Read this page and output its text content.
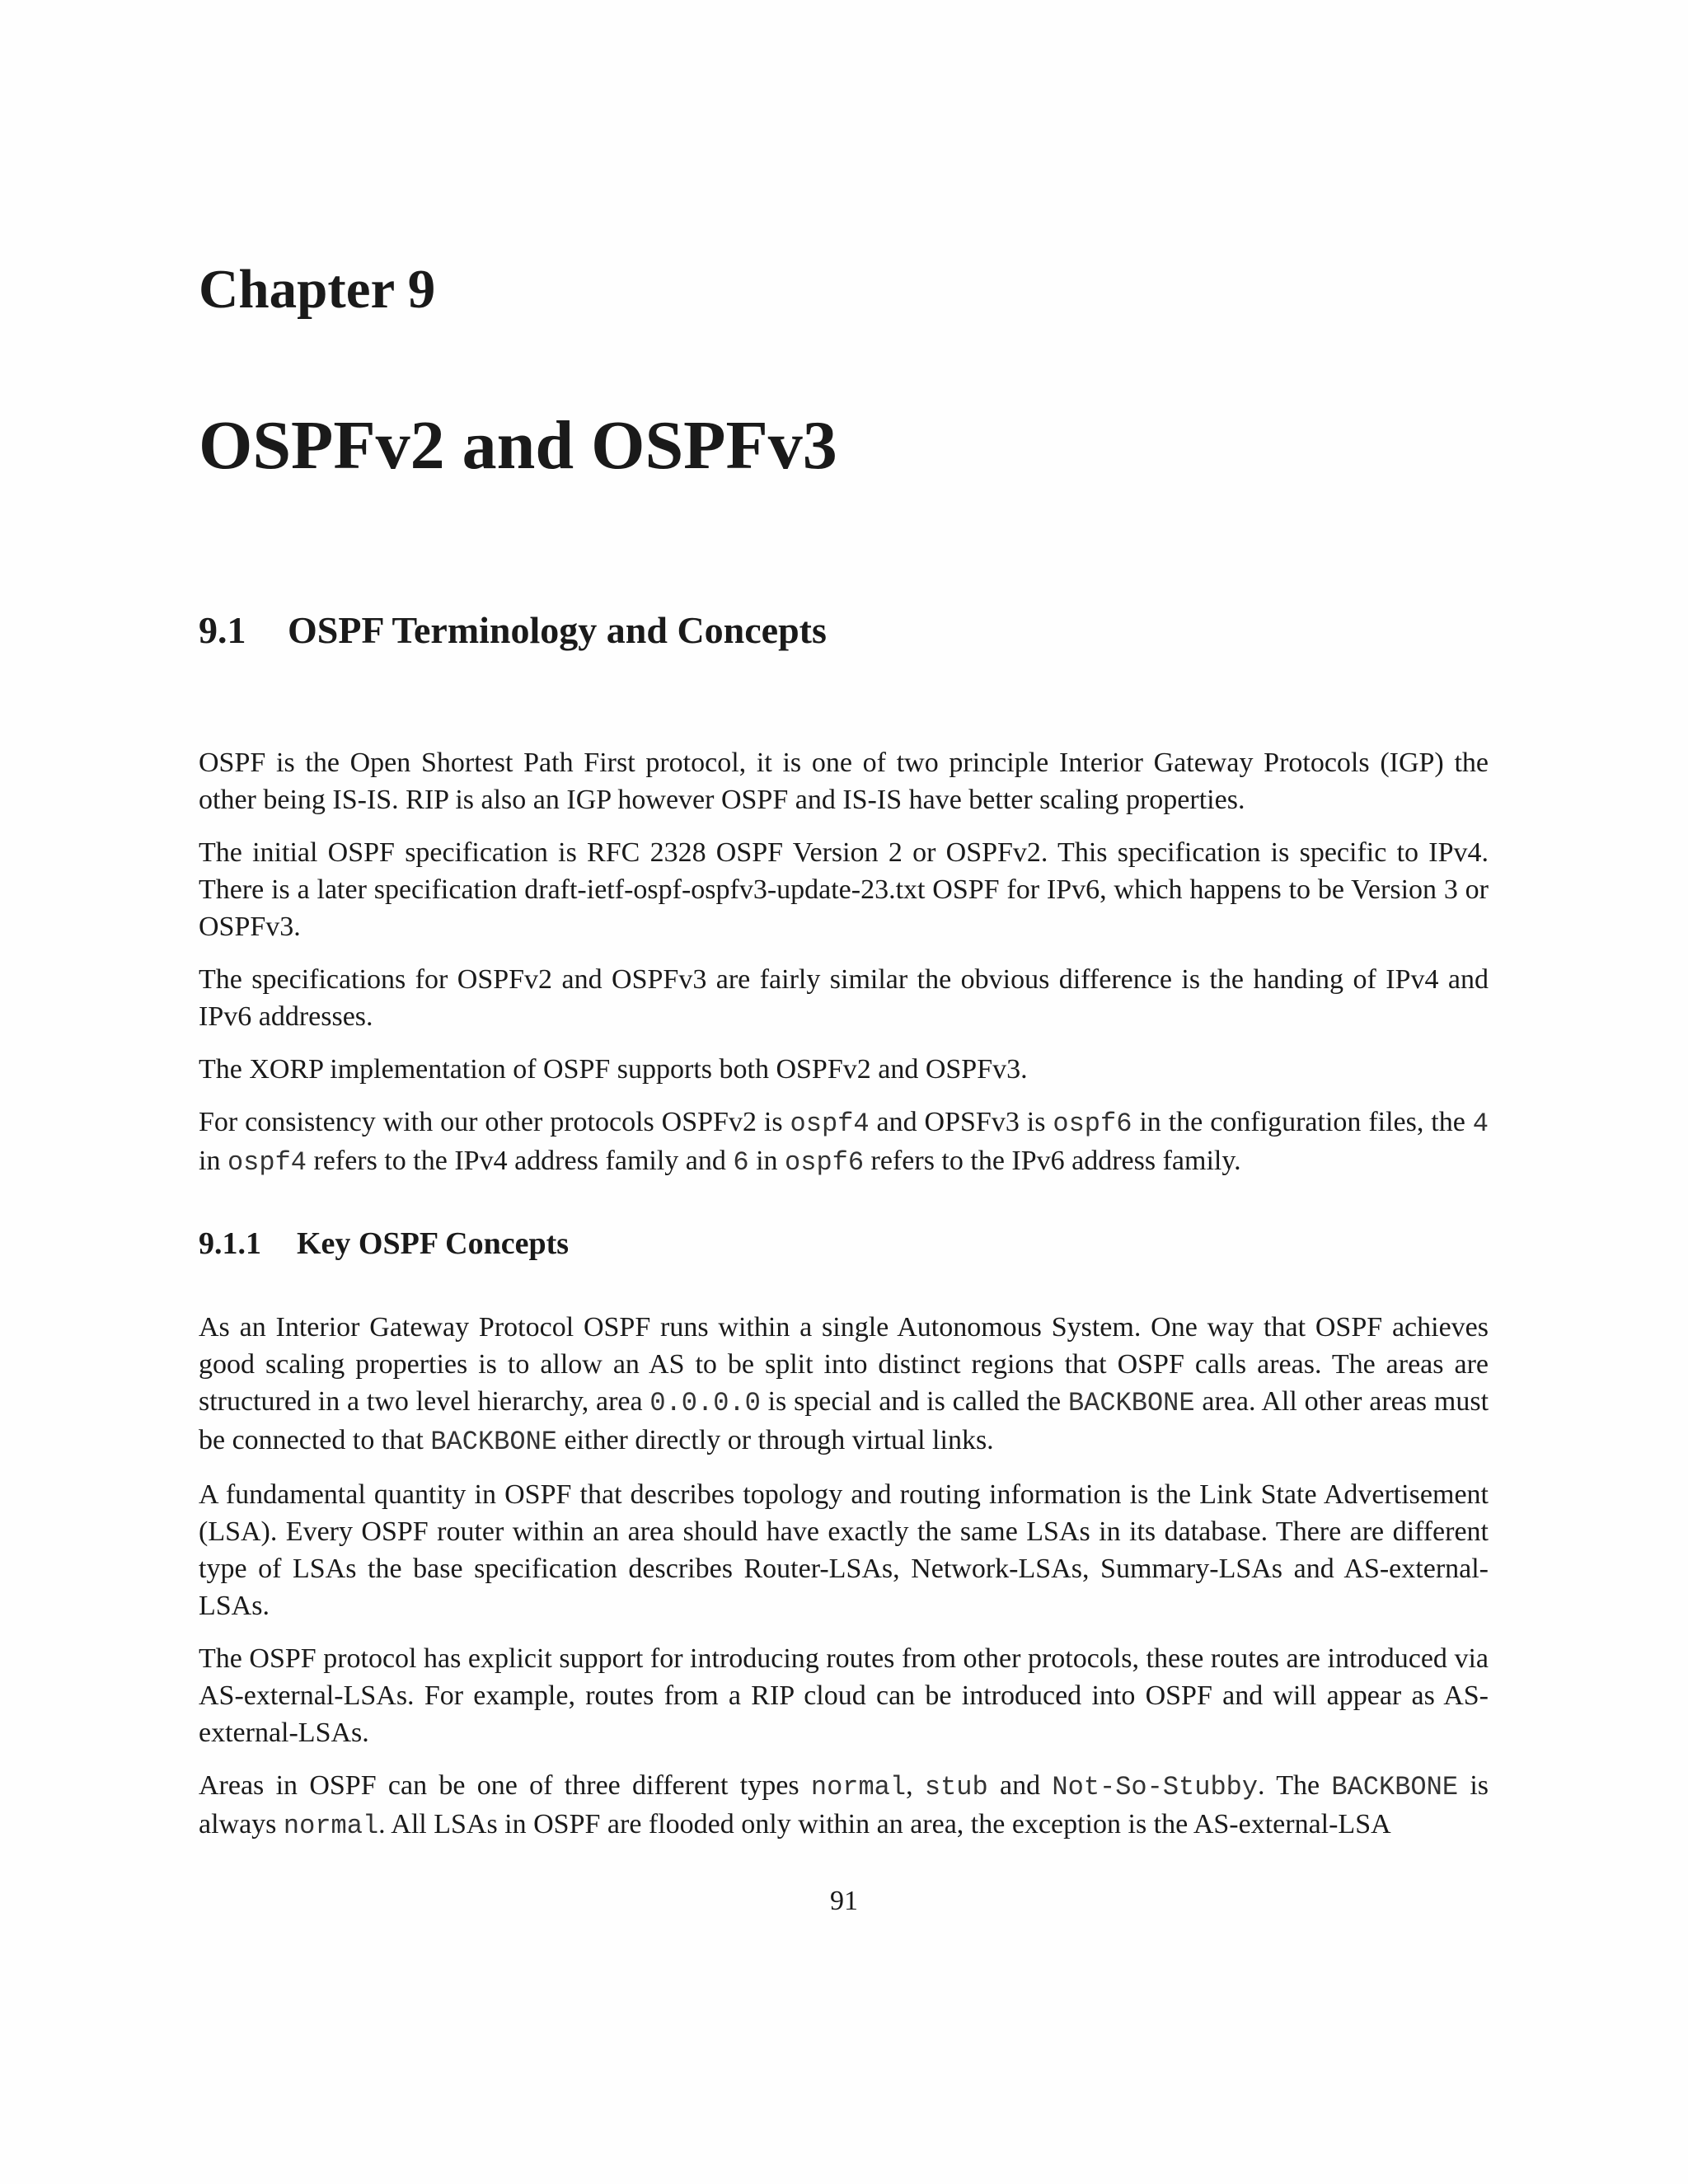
Chapter 9
OSPFv2 and OSPFv3
9.1 OSPF Terminology and Concepts

OSPF is the Open Shortest Path First protocol, it is one of two principle Interior Gateway Protocols (IGP) the other being IS-IS. RIP is also an IGP however OSPF and IS-IS have better scaling properties.

The initial OSPF specification is RFC 2328 OSPF Version 2 or OSPFv2. This specification is specific to IPv4. There is a later specification draft-ietf-ospf-ospfv3-update-23.txt OSPF for IPv6, which happens to be Version 3 or OSPFv3.

The specifications for OSPFv2 and OSPFv3 are fairly similar the obvious difference is the handing of IPv4 and IPv6 addresses.

The XORP implementation of OSPF supports both OSPFv2 and OSPFv3.

For consistency with our other protocols OSPFv2 is ospf4 and OPSFv3 is ospf6 in the configuration files, the 4 in ospf4 refers to the IPv4 address family and 6 in ospf6 refers to the IPv6 address family.

9.1.1 Key OSPF Concepts

As an Interior Gateway Protocol OSPF runs within a single Autonomous System. One way that OSPF achieves good scaling properties is to allow an AS to be split into distinct regions that OSPF calls areas. The areas are structured in a two level hierarchy, area 0.0.0.0 is special and is called the BACKBONE area. All other areas must be connected to that BACKBONE either directly or through virtual links.

A fundamental quantity in OSPF that describes topology and routing information is the Link State Advertisement (LSA). Every OSPF router within an area should have exactly the same LSAs in its database. There are different type of LSAs the base specification describes Router-LSAs, Network-LSAs, Summary-LSAs and AS-external-LSAs.

The OSPF protocol has explicit support for introducing routes from other protocols, these routes are introduced via AS-external-LSAs. For example, routes from a RIP cloud can be introduced into OSPF and will appear as AS-external-LSAs.

Areas in OSPF can be one of three different types normal, stub and Not-So-Stubby. The BACKBONE is always normal. All LSAs in OSPF are flooded only within an area, the exception is the AS-external-LSA

91
